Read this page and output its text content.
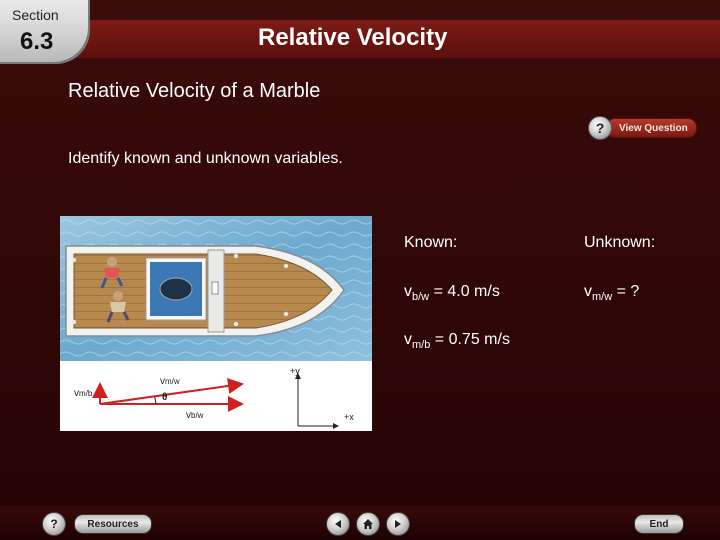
Section
6.3	Relative Velocity
Relative Velocity of a Marble
?	View Question
Identify known and unknown variables.
vm/b
vm/w
θ
vb/w
+y
+x
Known:	Unknown:
$v_{b/w} = 4.0$ m/s	$v_{m/w}$ = ?
$v_{m/b} = 0.75$ m/s
?	Resources	End
